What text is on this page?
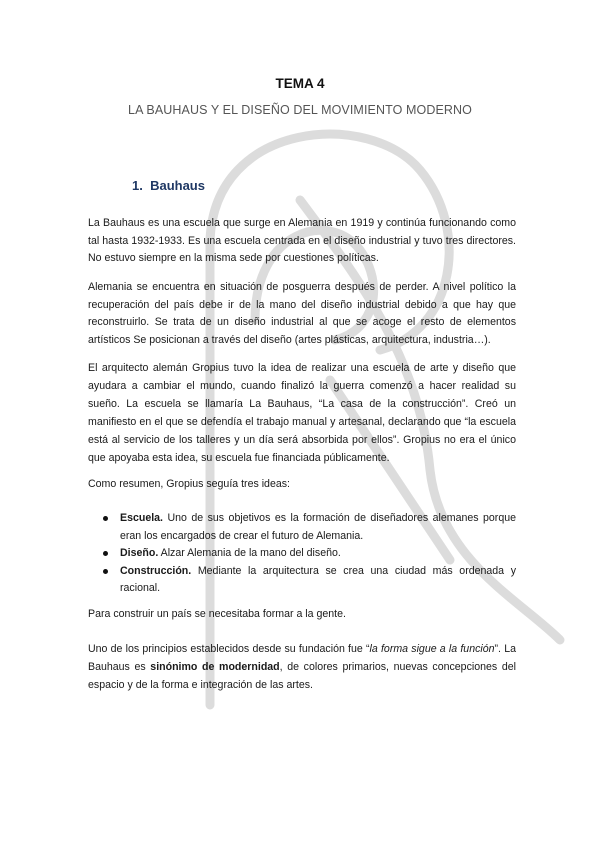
TEMA 4
LA BAUHAUS Y EL DISEÑO DEL MOVIMIENTO MODERNO
1. Bauhaus

La Bauhaus es una escuela que surge en Alemania en 1919 y continúa funcionando como tal hasta 1932-1933. Es una escuela centrada en el diseño industrial y tuvo tres directores. No estuvo siempre en la misma sede por cuestiones políticas.

Alemania se encuentra en situación de posguerra después de perder. A nivel político la recuperación del país debe ir de la mano del diseño industrial debido a que hay que reconstruirlo. Se trata de un diseño industrial al que se acoge el resto de elementos artísticos Se posicionan a través del diseño (artes plásticas, arquitectura, industria…).

El arquitecto alemán Gropius tuvo la idea de realizar una escuela de arte y diseño que ayudara a cambiar el mundo, cuando finalizó la guerra comenzó a hacer realidad su sueño. La escuela se llamaría La Bauhaus, “La casa de la construcción”. Creó un manifiesto en el que se defendía el trabajo manual y artesanal, declarando que “la escuela está al servicio de los talleres y un día será absorbida por ellos”. Gropius no era el único que apoyaba esta idea, su escuela fue financiada públicamente.

Como resumen, Gropius seguía tres ideas:

Escuela. Uno de sus objetivos es la formación de diseñadores alemanes porque eran los encargados de crear el futuro de Alemania.
Diseño. Alzar Alemania de la mano del diseño.
Construcción. Mediante la arquitectura se crea una ciudad más ordenada y racional.

Para construir un país se necesitaba formar a la gente.

Uno de los principios establecidos desde su fundación fue “la forma sigue a la función”. La Bauhaus es sinónimo de modernidad, de colores primarios, nuevas concepciones del espacio y de la forma e integración de las artes.
